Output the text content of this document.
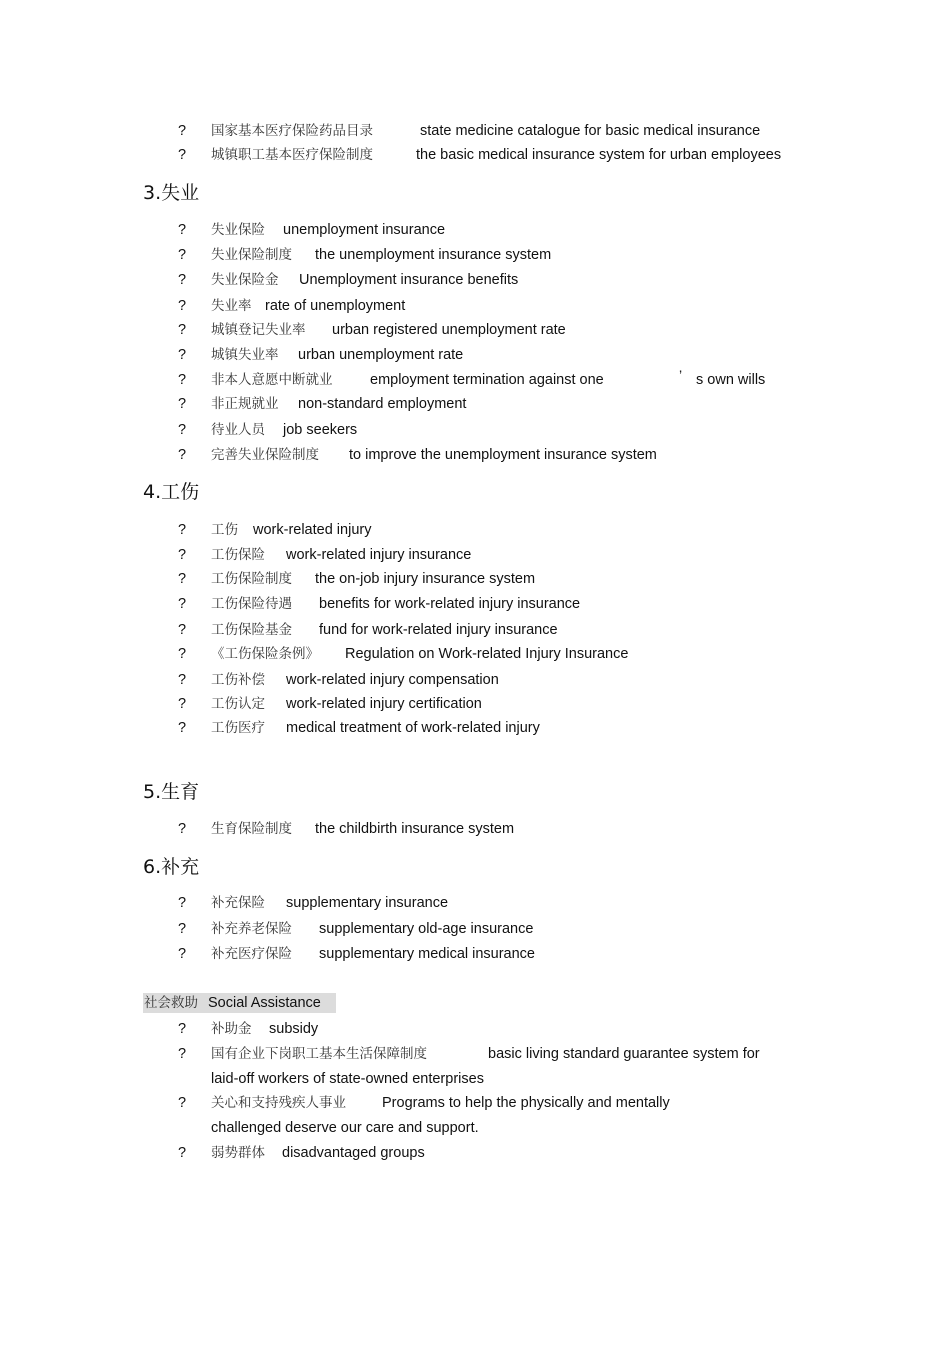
? 国家基本医疗保险药品目录	state medicine catalogue for basic medical insurance
? 城镇职工基本医疗保险制度	the basic medical insurance system for urban employees
3.失业
? 失业保险 unemployment insurance
? 失业保险制度 the unemployment insurance system
? 失业保险金 Unemployment insurance benefits
? 失业率 rate of unemployment
? 城镇登记失业率 urban registered unemployment rate
? 城镇失业率 urban unemployment rate
? 非本人意愿中断就业	employment termination against one	s own wills
’
? 非正规就业 non-standard employment
? 待业人员 job seekers
? 完善失业保险制度 to improve the unemployment insurance system
4.工伤
? 工伤 work-related injury
? 工伤保险 work-related injury insurance
? 工伤保险制度 the on-job injury insurance system
? 工伤保险待遇 benefits for work-related injury insurance
? 工伤保险基金 fund for work-related injury insurance
? 《工伤保险条例》 Regulation on Work-related Injury Insurance
? 工伤补偿 work-related injury compensation
? 工伤认定 work-related injury certification
? 工伤医疗 medical treatment of work-related injury
5.生育
? 生育保险制度 the childbirth insurance system
6.补充
? 补充保险 supplementary insurance
? 补充养老保险 supplementary old-age insurance
? 补充医疗保险 supplementary medical insurance
社会救助 Social Assistance
? 补助金 subsidy
? 国有企业下岗职工基本生活保障制度	basic living standard guarantee system for
laid-off workers of state-owned enterprises
? 关心和支持残疾人事业 Programs to help the physically and mentally
challenged deserve our care and support.
? 弱势群体 disadvantaged groups
